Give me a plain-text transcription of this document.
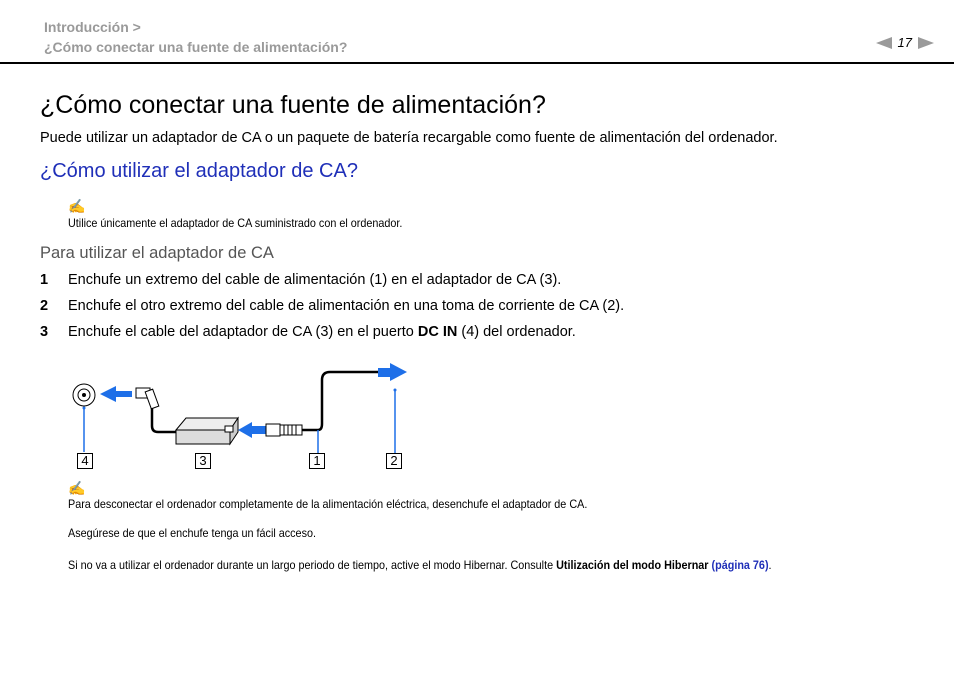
Introducción >
¿Cómo conectar una fuente de alimentación?	17
¿Cómo conectar una fuente de alimentación?
Puede utilizar un adaptador de CA o un paquete de batería recargable como fuente de alimentación del ordenador.
¿Cómo utilizar el adaptador de CA?
✍
Utilice únicamente el adaptador de CA suministrado con el ordenador.
Para utilizar el adaptador de CA
1	Enchufe un extremo del cable de alimentación (1) en el adaptador de CA (3).
2	Enchufe el otro extremo del cable de alimentación en una toma de corriente de CA (2).
3	Enchufe el cable del adaptador de CA (3) en el puerto DC IN (4) del ordenador.
4	3	1	2
✍
Para desconectar el ordenador completamente de la alimentación eléctrica, desenchufe el adaptador de CA.
Asegúrese de que el enchufe tenga un fácil acceso.
Si no va a utilizar el ordenador durante un largo periodo de tiempo, active el modo Hibernar. Consulte Utilización del modo Hibernar (página 76).
